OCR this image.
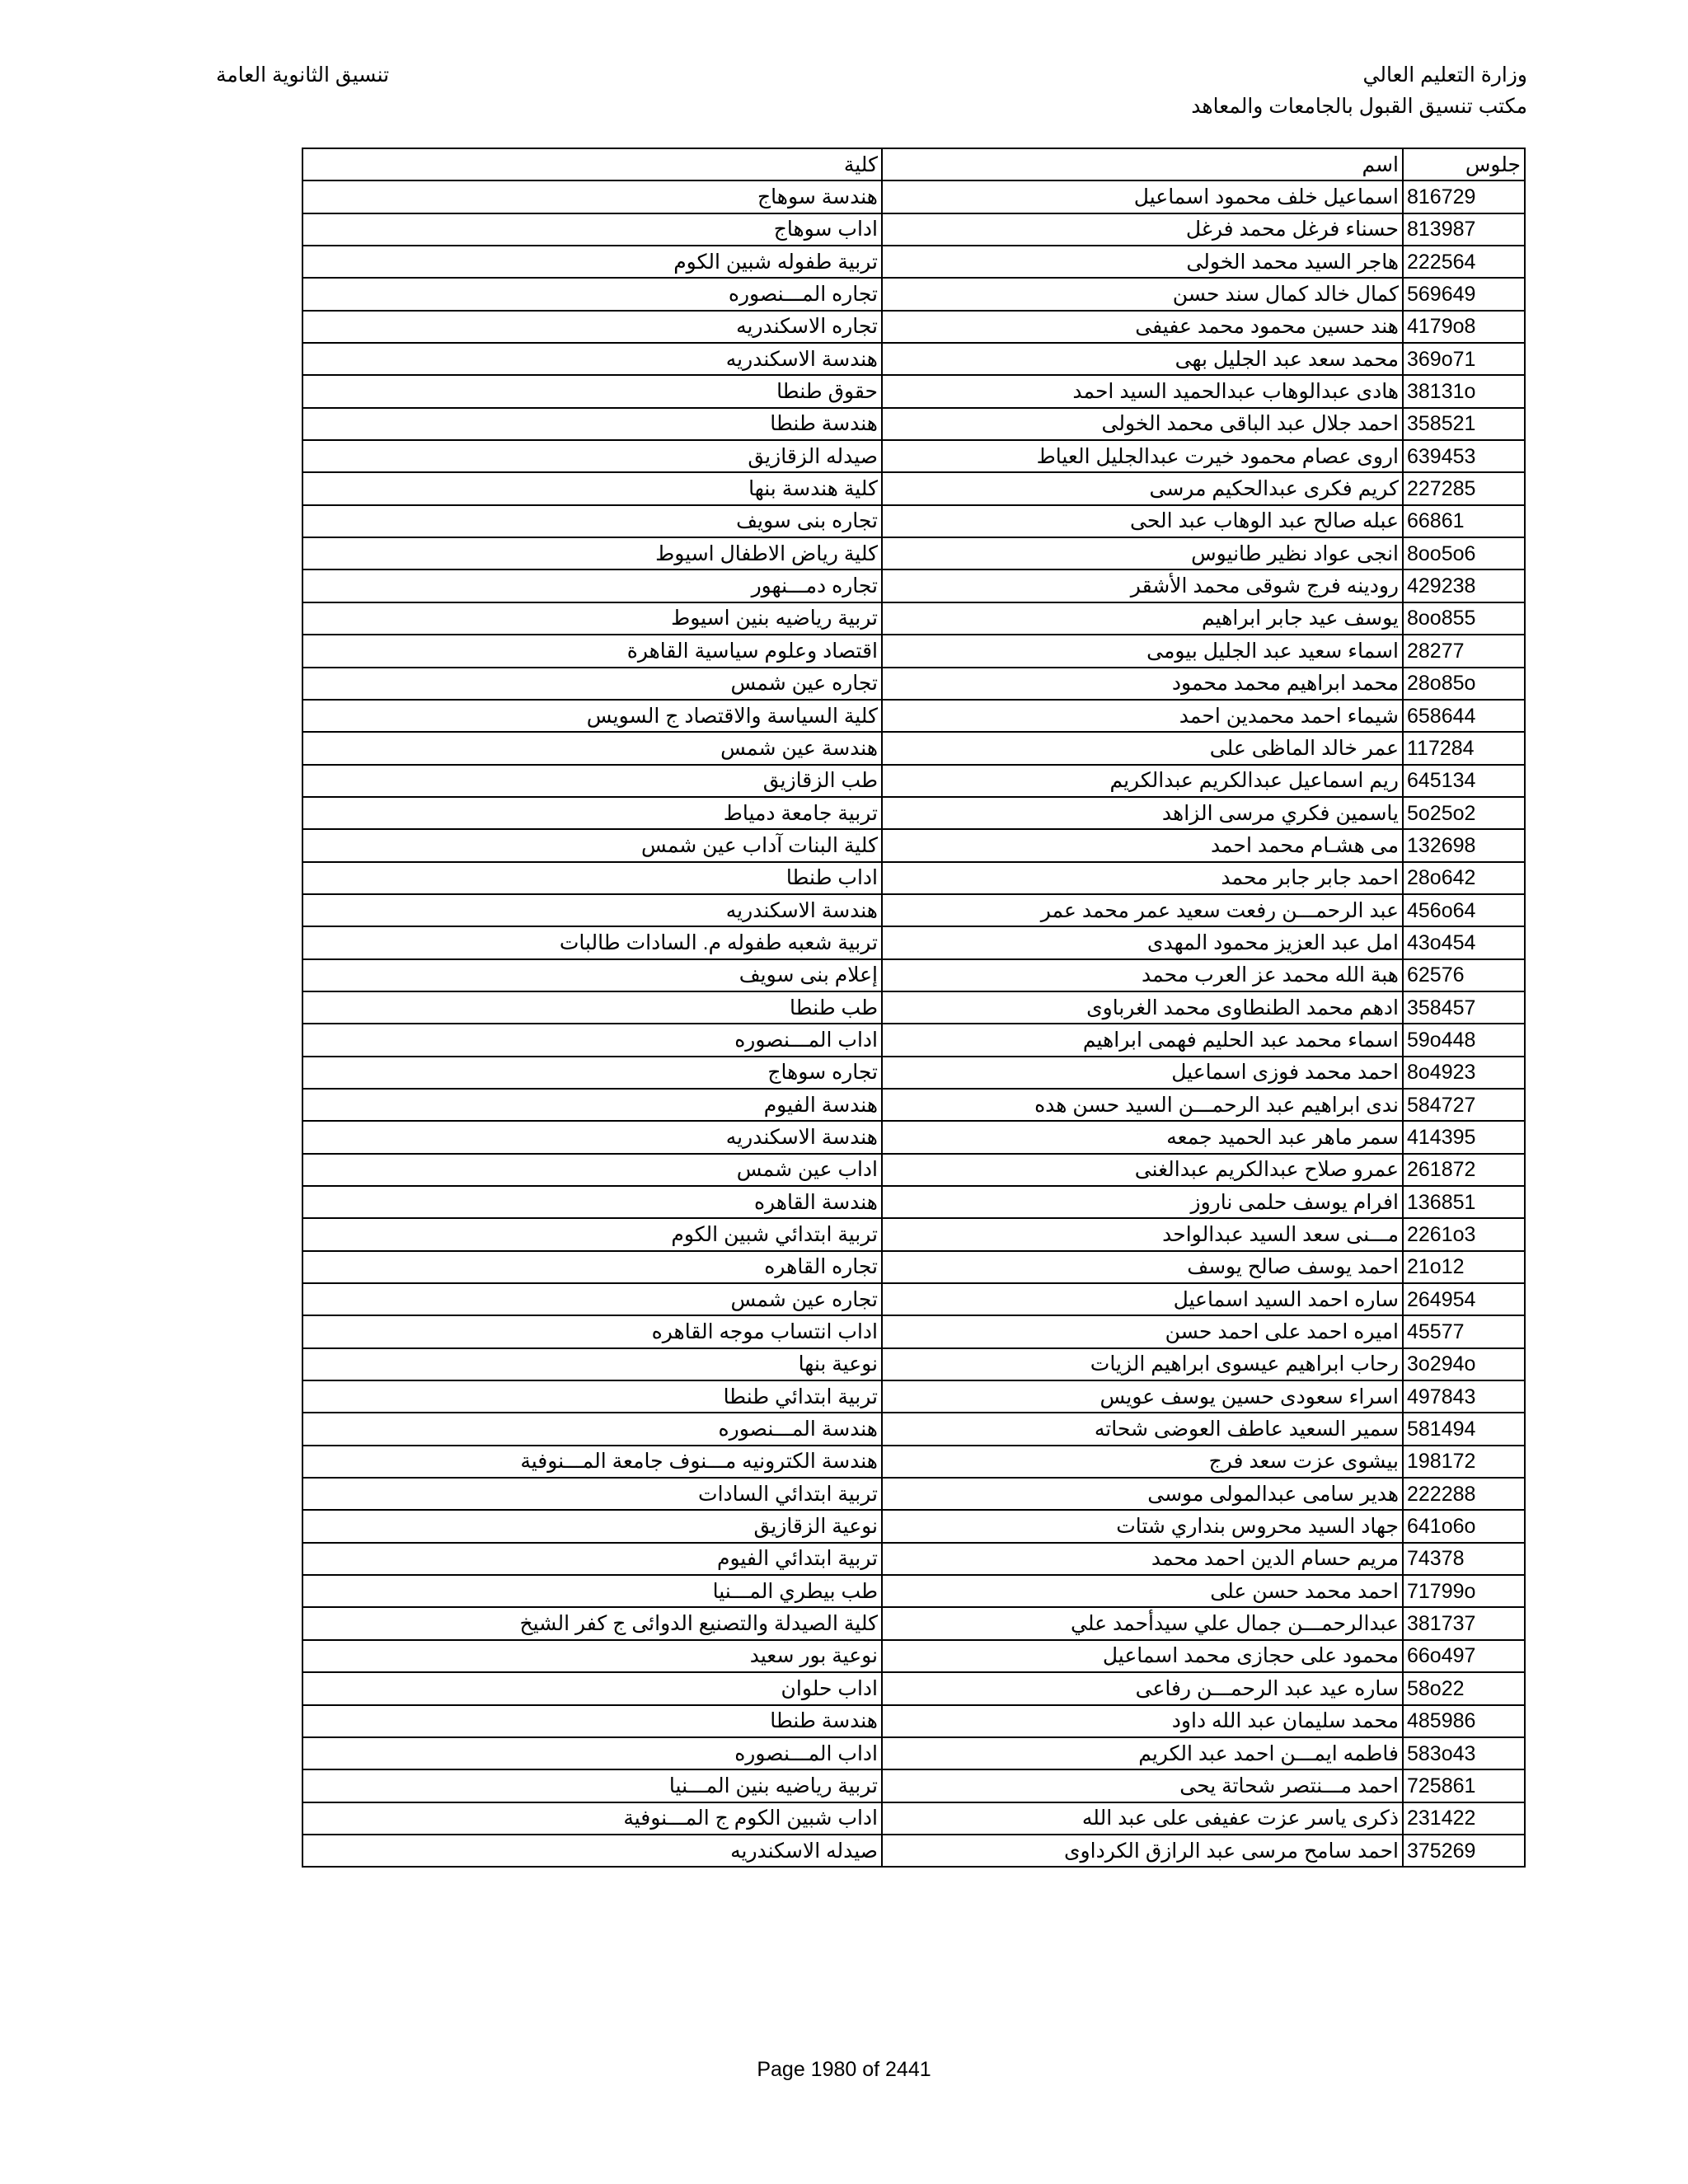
وزارة التعليم العالي
مكتب تنسيق القبول بالجامعات والمعاهد
تنسيق الثانوية العامة
جلوس	اسم	كلية
816729	اسماعيل خلف محمود اسماعيل	هندسة سوهاج
813987	حسناء فرغل محمد فرغل	اداب سوهاج
222564	هاجر السيد محمد الخولى	تربية طفوله شبين الكوم
569649	كمال خالد كمال سند حسن	تجاره المـــنصوره
4179o8	هند حسين محمود محمد عفيفى	تجاره الاسكندريه
369o71	محمد سعد عبد الجليل بهى	هندسة الاسكندريه
38131o	هادى عبدالوهاب عبدالحميد السيد احمد	حقوق طنطا
358521	احمد جلال عبد الباقى محمد الخولى	هندسة طنطا
639453	اروى عصام محمود خيرت عبدالجليل العياط	صيدله الزقازيق
227285	كريم فكرى عبدالحكيم مرسى	كلية هندسة بنها
66861	عبله صالح عبد الوهاب عبد الحى	تجاره بنى سويف
8oo5o6	انجى عواد نظير طانيوس	كلية رياض الاطفال اسيوط
429238	رودينه فرج شوقى محمد الأشقر	تجاره دمـــنهور
8oo855	يوسف عيد جابر ابراهيم	تربية رياضيه بنين اسيوط
28277	اسماء سعيد عبد الجليل بيومى	اقتصاد وعلوم سياسية القاهرة
28o85o	محمد ابراهيم محمد محمود	تجاره عين شمس
658644	شيماء احمد محمدين احمد	كلية السياسة والاقتصاد ج السويس
117284	عمر خالد الماظى على	هندسة عين شمس
645134	ريم اسماعيل عبدالكريم عبدالكريم	طب الزقازيق
5o25o2	ياسمين فكري مرسى الزاهد	تربية جامعة دمياط
132698	مى هشـام محمد احمد	كلية البنات آداب عين شمس
28o642	احمد جابر جابر محمد	اداب طنطا
456o64	عبد الرحمـــن رفعت سعيد عمر محمد عمر	هندسة الاسكندريه
43o454	امل عبد العزيز محمود المهدى	تربية شعبه طفوله م. السادات طالبات
62576	هبة الله محمد عز العرب محمد	إعلام بنى سويف
358457	ادهم محمد الطنطاوى محمد الغرباوى	طب طنطا
59o448	اسماء محمد عبد الحليم فهمى ابراهيم	اداب المـــنصوره
8o4923	احمد محمد فوزى اسماعيل	تجاره سوهاج
584727	ندى ابراهيم عبد الرحمـــن السيد حسن هده	هندسة الفيوم
414395	سمر ماهر عبد الحميد جمعه	هندسة الاسكندريه
261872	عمرو صلاح عبدالكريم عبدالغنى	اداب عين شمس
136851	افرام يوسف حلمى ناروز	هندسة القاهره
2261o3	مـــنى سعد السيد عبدالواحد	تربية ابتدائي شبين الكوم
21o12	احمد يوسف صالح يوسف	تجاره القاهره
264954	ساره احمد السيد اسماعيل	تجاره عين شمس
45577	اميره احمد على احمد حسن	اداب انتساب موجه القاهره
3o294o	رحاب ابراهيم عيسوى ابراهيم الزيات	نوعية بنها
497843	اسراء سعودى حسين يوسف عويس	تربية ابتدائي طنطا
581494	سمير السعيد عاطف العوضى شحاته	هندسة المـــنصوره
198172	بيشوى عزت سعد فرج	هندسة الكترونيه مـــنوف جامعة المـــنوفية
222288	هدير سامى عبدالمولى موسى	تربية ابتدائي السادات
641o6o	جهاد السيد محروس بنداري شتات	نوعية الزقازيق
74378	مريم حسام الدين احمد محمد	تربية ابتدائي الفيوم
71799o	احمد محمد حسن على	طب بيطري المـــنيا
381737	عبدالرحمـــن جمال علي سيدأحمد علي	كلية الصيدلة والتصنيع الدوائى ج كفر الشيخ
66o497	محمود على حجازى محمد اسماعيل	نوعية بور سعيد
58o22	ساره عيد عبد الرحمـــن رفاعى	اداب حلوان
485986	محمد سليمان عبد الله داود	هندسة طنطا
583o43	فاطمه ايمـــن احمد عبد الكريم	اداب المـــنصوره
725861	احمد مـــنتصر شحاتة يحى	تربية رياضيه بنين المـــنيا
231422	ذكرى ياسر عزت عفيفى على عبد الله	اداب شبين الكوم ج المـــنوفية
375269	احمد سامح مرسى عبد الرازق الكرداوى	صيدله الاسكندريه
Page 1980 of 2441
